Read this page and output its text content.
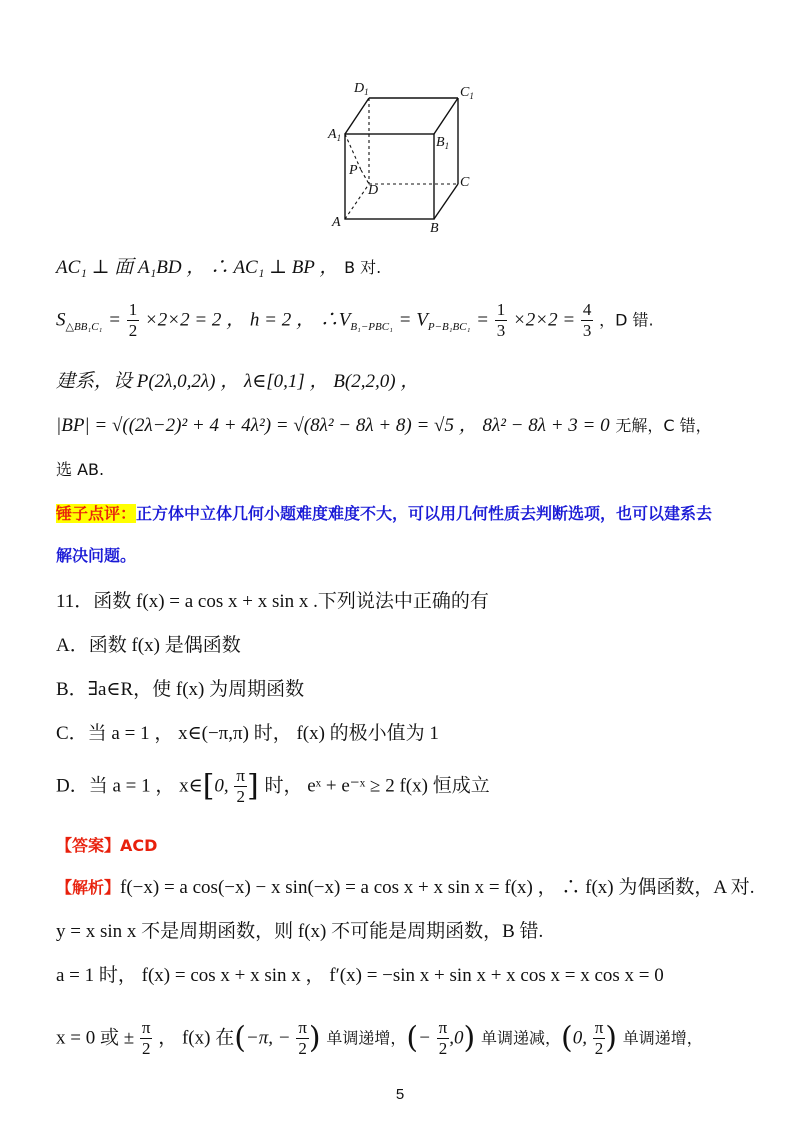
$D_1$	$C_1$
$A_1$	$B_1$
P
D
C
A	B
AC₁ ⊥ 面 A₁BD ， ∴ AC₁ ⊥ BP ， B 对.
$S_{\triangle BB_1C_1} = \frac{1}{2} \times 2\times 2 = 2$ ， h = 2 ， $\therefore V_{B_1-PBC_1} = V_{P-B_1BC_1} = \frac{1}{3} \times 2\times 2 = \frac{4}{3}$ ，D 错.
建系，设 P(2λ,0,2λ) ， λ∈[0,1] ， B(2,2,0) ，
|BP| = √((2λ−2)² + 4 + 4λ²) = √(8λ² − 8λ + 8) = √5 ， 8λ² − 8λ + 3 = 0 无解，C 错，
选 AB.
锤子点评：正方体中立体几何小题难度难度不大，可以用几何性质去判断选项，也可以建系去
解决问题。
11．函数 f(x) = a cos x + x sin x .下列说法中正确的有
A．函数 f(x) 是偶函数
B．∃a∈R，使 f(x) 为周期函数
C．当 a = 1 ， x∈(−π,π) 时， f(x) 的极小值为 1
D．当 a = 1 ， x∈[0, $\frac{\pi}{2}$ ] 时， eˣ + e⁻ˣ ≥ 2 f(x) 恒成立
【答案】ACD
【解析】f(−x) = a cos(−x) − x sin(−x) = a cos x + x sin x = f(x) ， ∴ f(x) 为偶函数，A 对.
y = x sin x 不是周期函数，则 f(x) 不可能是周期函数，B 错.
a = 1 时， f(x) = cos x + x sin x ， f′(x) = −sin x + sin x + x cos x = x cos x = 0
x = 0 或 ± $\frac{\pi}{2}$ ， f(x) 在(−π, − $\frac{\pi}{2}$ ) 单调递增，(− $\frac{\pi}{2} ,0$) 单调递减，(0, $\frac{\pi}{2}$ ) 单调递增，
5
